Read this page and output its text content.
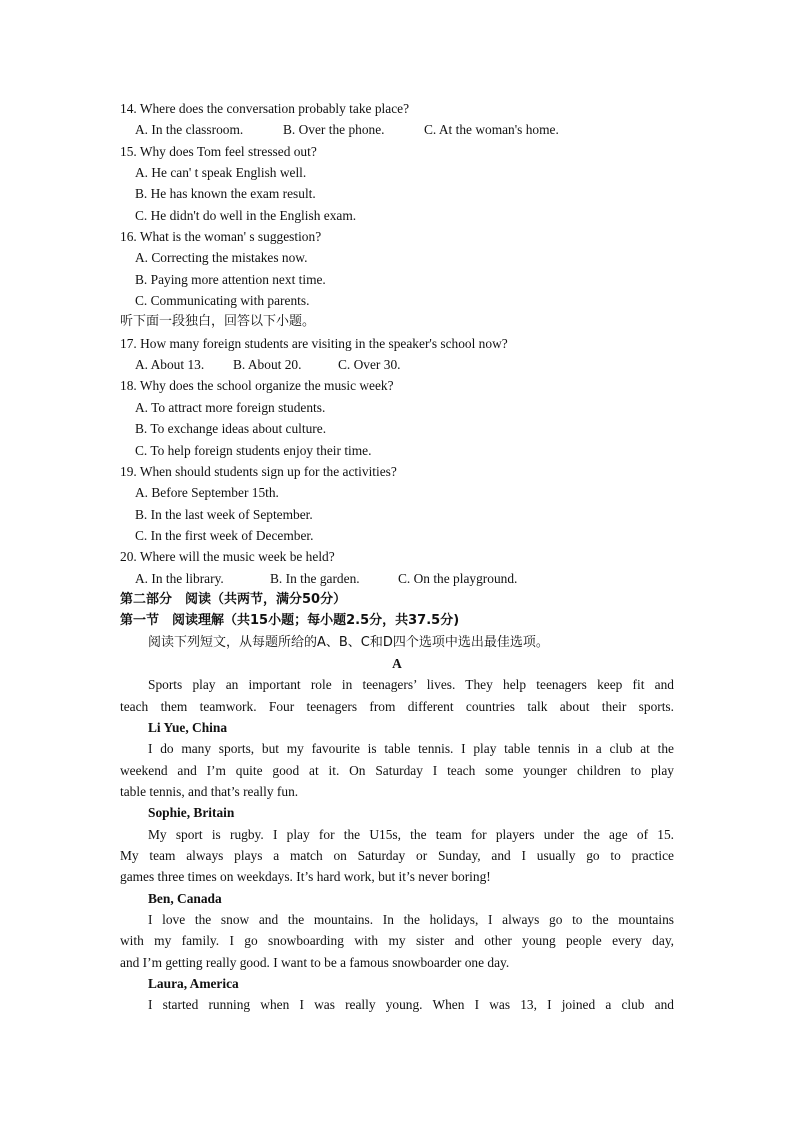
14. Where does the conversation probably take place?
A. In the classroom.	B. Over the phone.	C. At the woman's home.
15. Why does Tom feel stressed out?
A. He can' t speak English well.
B. He has known the exam result.
C. He didn't do well in the English exam.
16. What is the woman' s suggestion?
A. Correcting the mistakes now.
B. Paying more attention next time.
C. Communicating with parents.
听下面一段独白，回答以下小题。
17. How many foreign students are visiting in the speaker's school now?
A. About 13. B. About 20.	C. Over 30.
18. Why does the school organize the music week?
A. To attract more foreign students.
B. To exchange ideas about culture.
C. To help foreign students enjoy their time.
19. When should students sign up for the activities?
A. Before September 15th.
B. In the last week of September.
C. In the first week of December.
20. Where will the music week be held?
A. In the library.	B. In the garden.	C. On the playground.
第二部分　阅读（共两节，满分50分）
第一节　阅读理解（共15小题；每小题2.5分，共37.5分)
阅读下列短文，从每题所给的A、B、C和D四个选项中选出最佳选项。
A
Sports play an important role in teenagers’ lives. They help teenagers keep fit and
teach them teamwork. Four teenagers from different countries talk about their sports.
Li Yue, China
I do many sports, but my favourite is table tennis. I play table tennis in a club at the
weekend and I’m quite good at it. On Saturday I teach some younger children to play
table tennis, and that’s really fun.
Sophie, Britain
My sport is rugby. I play for the U15s, the team for players under the age of 15.
My team always plays a match on Saturday or Sunday, and I usually go to practice
games three times on weekdays. It’s hard work, but it’s never boring!
Ben, Canada
I love the snow and the mountains. In the holidays, I always go to the mountains
with my family. I go snowboarding with my sister and other young people every day,
and I’m getting really good. I want to be a famous snowboarder one day.
Laura, America
I started running when I was really young. When I was 13, I joined a club and
